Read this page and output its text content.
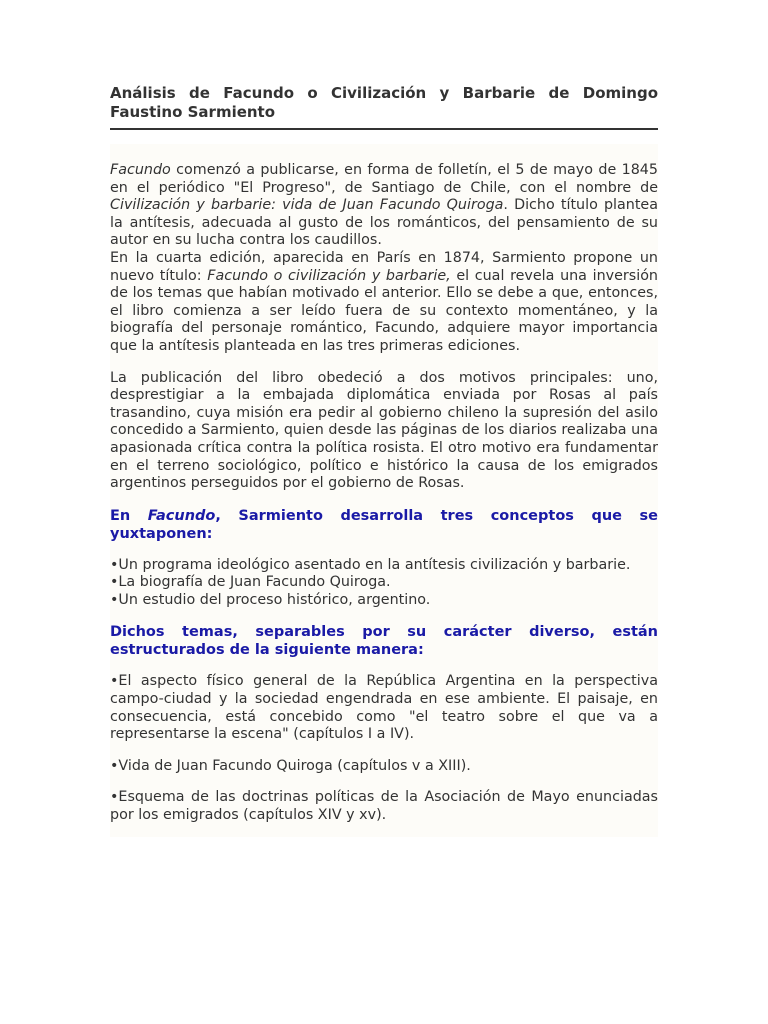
Análisis de Facundo o Civilización y Barbarie de Domingo Faustino Sarmiento

Facundo comenzó a publicarse, en forma de folletín, el 5 de mayo de 1845 en el periódico "El Progreso", de Santiago de Chile, con el nombre de Civilización y barbarie: vida de Juan Facundo Quiroga. Dicho título plantea la antítesis, adecuada al gusto de los románticos, del pensamiento de su autor en su lucha contra los caudillos.

En la cuarta edición, aparecida en París en 1874, Sarmiento propone un nuevo título: Facundo o civilización y barbarie, el cual revela una inversión de los temas que habían motivado el anterior. Ello se debe a que, entonces, el libro comienza a ser leído fuera de su contexto momentáneo, y la biografía del personaje romántico, Facundo, adquiere mayor importancia que la antítesis planteada en las tres primeras ediciones.

La publicación del libro obedeció a dos motivos principales: uno, desprestigiar a la embajada diplomática enviada por Rosas al país trasandino, cuya misión era pedir al gobierno chileno la supresión del asilo concedido a Sarmiento, quien desde las páginas de los diarios realizaba una apasionada crítica contra la política rosista. El otro motivo era fundamentar en el terreno sociológico, político e histórico la causa de los emigrados argentinos perseguidos por el gobierno de Rosas.

En Facundo, Sarmiento desarrolla tres conceptos que se yuxtaponen:

•Un programa ideológico asentado en la antítesis civilización y barbarie.

•La biografía de Juan Facundo Quiroga.

•Un estudio del proceso histórico, argentino.

Dichos temas, separables por su carácter diverso, están estructurados de la siguiente manera:

•El aspecto físico general de la República Argentina en la perspectiva campo-ciudad y la sociedad engendrada en ese ambiente. El paisaje, en consecuencia, está concebido como "el teatro sobre el que va a representarse la escena" (capítulos I a IV).

•Vida de Juan Facundo Quiroga (capítulos v a XIII).

•Esquema de las doctrinas políticas de la Asociación de Mayo enunciadas por los emigrados (capítulos XIV y xv).
